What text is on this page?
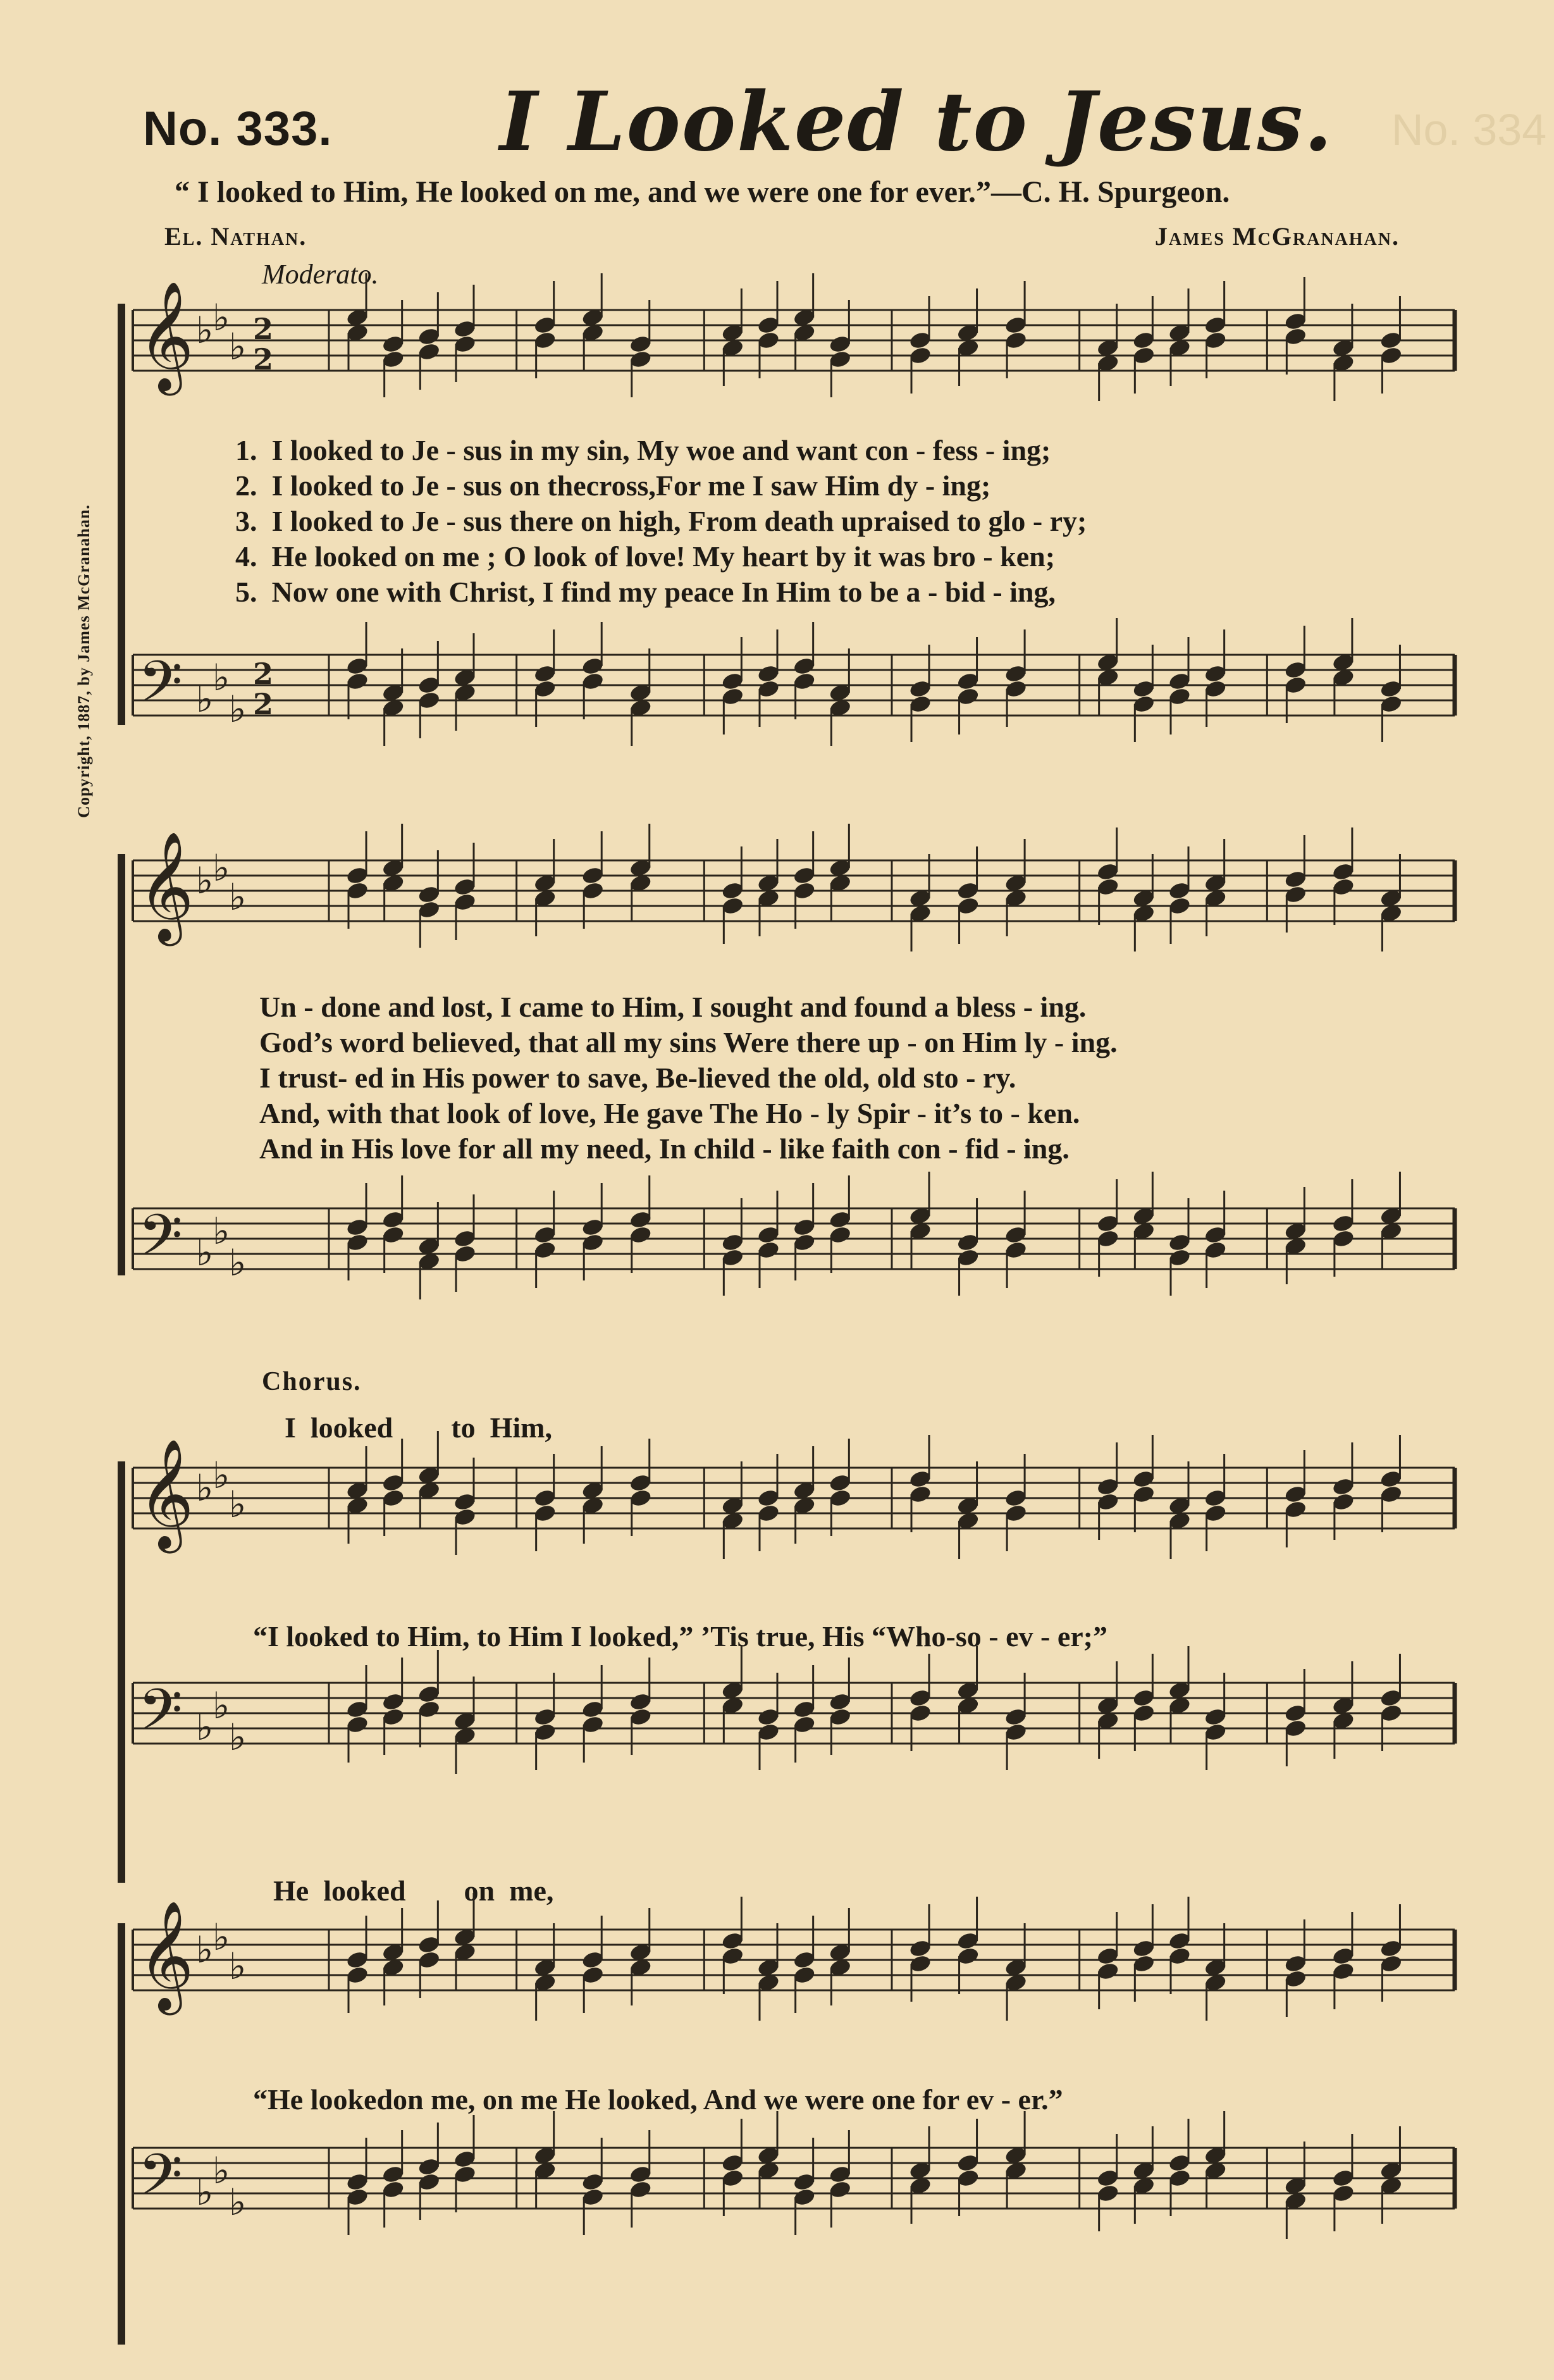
No. 333. I Looked to Jesus. No. 334
“ I looked to Him, He looked on me, and we were one for ever.”—C. H. Spurgeon.
El. Nathan.	James McGranahan.
Moderato.
Copyright, 1887, by James McGranahan.
𝄞 ♭
♭
♭ 2
2
1. I looked to Je - sus in my sin, My woe and want con - fess - ing;
2. I looked to Je - sus on thecross,For me I saw Him dy - ing;
3. I looked to Je - sus there on high, From death upraised to glo - ry;
4. He looked on me ; O look of love! My heart by it was bro - ken;
5. Now one with Christ, I find my peace In Him to be a - bid - ing,
𝄢 ♭
♭
♭
2
2
𝄞 ♭
♭
♭
Un - done and lost, I came to Him, I sought and found a bless - ing.
God’s word believed, that all my sins Were there up - on Him ly - ing.
I trust- ed in His power to save, Be-lieved the old, old sto - ry.
And, with that look of love, He gave The Ho - ly Spir - it’s to - ken.
And in His love for all my need, In child - like faith con - fid - ing.
𝄢 ♭
♭
♭
Chorus.
I  looked        to  Him,
𝄞 ♭
♭
♭
“I looked to Him, to Him I looked,” ’Tis true, His “Who-so - ev - er;”
𝄢 ♭
♭
♭
He  looked        on  me,
𝄞 ♭
♭
♭
“He lookedon me, on me He looked, And we were one for ev - er.”
𝄢 ♭
♭
♭
